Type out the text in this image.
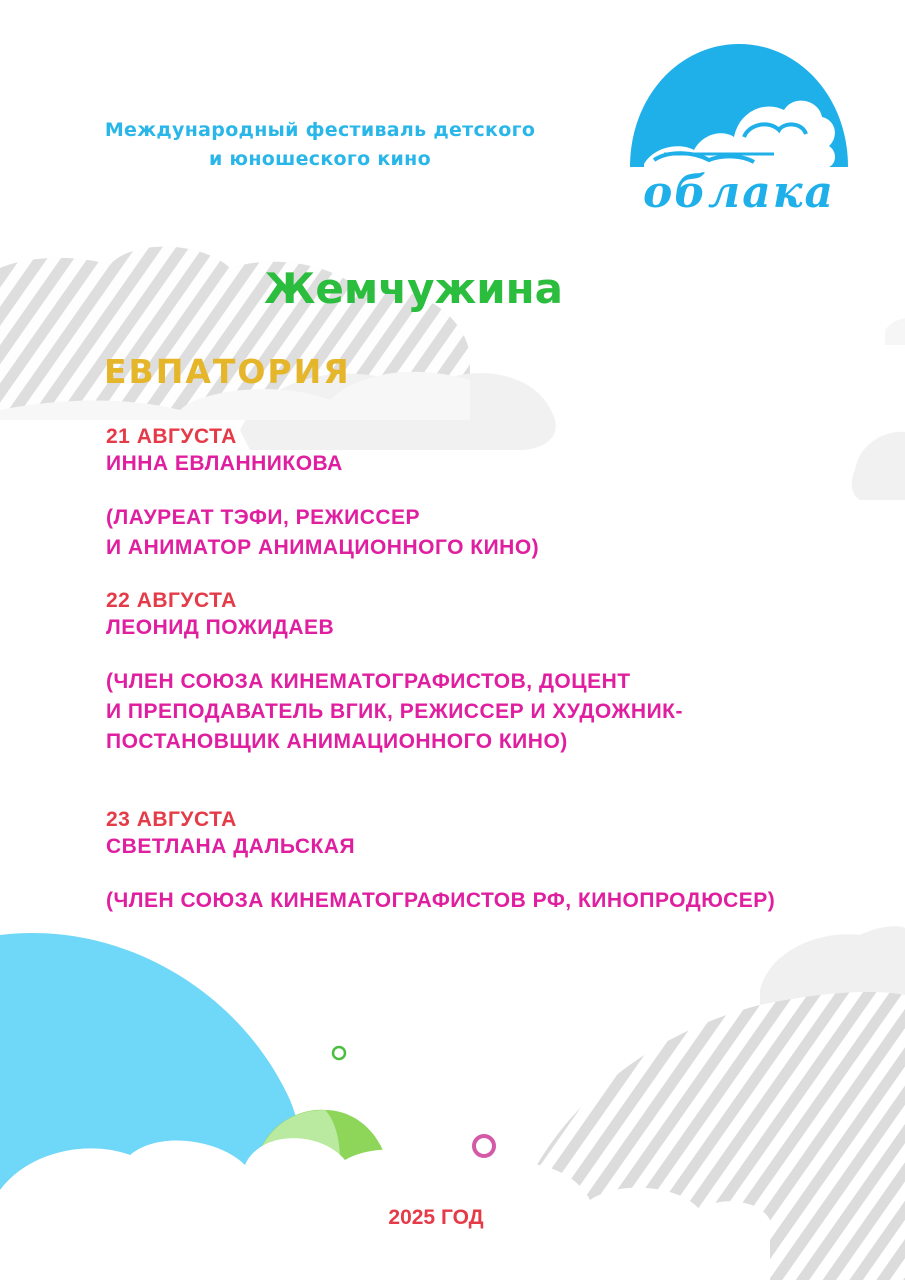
Международный фестиваль детского
и юношеского кино
облака
Жемчужина
ЕВПАТОРИЯ
21 АВГУСТА
ИННА ЕВЛАННИКОВА
(ЛАУРЕАТ ТЭФИ, РЕЖИССЕР
И АНИМАТОР АНИМАЦИОННОГО КИНО)
22 АВГУСТА
ЛЕОНИД ПОЖИДАЕВ
(ЧЛЕН СОЮЗА КИНЕМАТОГРАФИСТОВ, ДОЦЕНТ
И ПРЕПОДАВАТЕЛЬ ВГИК, РЕЖИССЕР И ХУДОЖНИК-
ПОСТАНОВЩИК АНИМАЦИОННОГО КИНО)
23 АВГУСТА
СВЕТЛАНА ДАЛЬСКАЯ
(ЧЛЕН СОЮЗА КИНЕМАТОГРАФИСТОВ РФ, КИНОПРОДЮСЕР)
2025 ГОД
